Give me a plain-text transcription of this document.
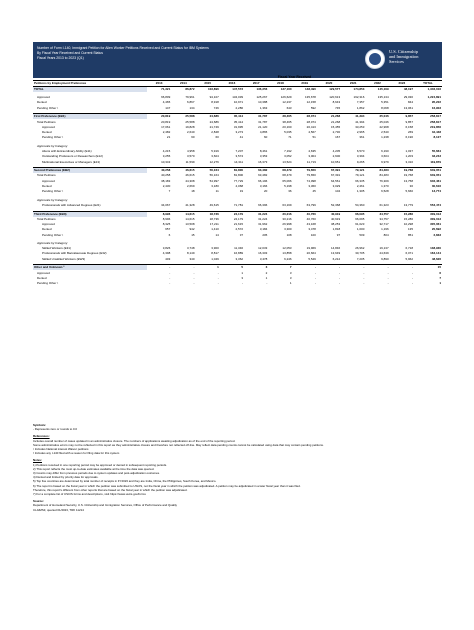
Number of Form I-140, Immigrant Petition for Alien Worker Petitions Received and Current Status for IBM Systems
By Fiscal Year Received and Current Status
Fiscal Years 2013 to 2023 (Q1)
U.S. Citizenship
and Immigration
Services
Fiscal Year Received
Petitions by Employment Preference	2013	2014	2015	2016	2017	2018	2019	2020	2021	2022	2023	TOTAL
TOTAL	71,321	86,872	103,896	147,573	136,356	137,160	148,490	129,577	174,853	145,169	48,197	1,346,016

Approved	66,809	79,961	94,107	134,039	125,267	126,629	135,678	120,613	162,316	135,134	29,030	1,224,891
Denied	4,465	6,867	8,918	10,971	10,388	12,237	12,158	8,643	7,357	5,351	844	95,222
Pending Other ¹	147	134	746	2,286	1,363	643	592	745	1,862	8,068	13,061	16,903

First Preference (EB1)	20,819	25,588	24,686	35,414	31,787	38,465	28,074	21,268	41,394	25,046	9,857	258,817
Total Petitions	20,819	25,588	24,686	35,414	31,787	38,465	28,074	21,268	41,394	25,046	9,857	258,817
Approved	17,061	19,828	21,749	31,995	21,120	20,160	20,413	15,455	33,253	22,968	6,158	219,856
Denied	2,482	2,640	2,848	3,273	4,865	5,035	4,567	2,730	2,965	2,540	269	34,448
Pending Other ¹	21	60	60	41	60	71	51	167	361	1,238	6,190	8,127

Approvals by Category												
Aliens with Extraordinary Ability (E11)	4,215	4,958	5,919	7,207	8,461	7,192	4,635	4,205	6,570	6,190	1,037	55,664
Outstanding Professors or Researchers (E12)	3,255	3,570	3,604	3,574	3,353	3,052	3,004	2,600	3,394	3,604	1,203	33,243
Multinational Executives or Managers (E13)	10,343	11,599	12,276	14,311	16,373	13,524	11,719	10,651	9,265	9,979	3,310	119,879

Second Preference (EB2)	40,258	46,615	56,164	81,800	63,482	68,479	79,650	67,391	79,121	84,483	19,768	649,051
Total Petitions	40,258	46,615	56,164	81,800	63,482	68,479	79,650	67,391	79,121	84,483	19,768	649,051
Approved	38,183	44,308	54,997	77,729	66,196	65,066	74,098	64,561	66,335	76,309	13,758	646,461
Denied	2,430	2,669	3,180	4,068	3,166	5,198	3,360	3,029	2,461	1,370	30	30,616
Pending Other ¹	7	18	11	19	20	36	45	104	1,305	6,528	5,660	13,774

Approvals by Category												
Professionals with Advanced Degrees (E21)	34,067	41,328	49,615	71,781	66,396	63,169	63,799	52,368	54,360	61,323	13,779	553,474

Third Preference (EB3)	8,996	14,615	18,736	24,179	31,224	30,216	40,760	40,919	66,095	34,757	15,286	309,013
Total Petitions	8,996	14,615	18,736	24,179	31,224	30,216	40,760	40,919	66,095	34,757	15,286	309,013
Approved	8,325	13,508	17,211	21,615	31,962	26,998	43,168	38,253	61,023	32,717	10,298	305,061
Denied	657	942	1,410	2,572	3,184	3,300	3,478	1,818	1,000	1,196	135	20,692
Pending Other ¹	6	15	14	37	205	108	100	97	509	804	851	2,833

Approvals by Category												
Skilled Workers (E31)	3,826	3,748	3,900	11,346	12,033	12,053	19,969	14,846	26,962	19,137	6,718	138,930
Professionals with Baccalaureate Degrees (E32)	4,398	8,149	8,817	16,889	16,303	13,858	20,664	13,649	30,705	24,639	6,071	163,144
Skilled Unskilled Workers (EW3)	403	340	1,049	3,362	3,478	6,246	5,549	6,212	7,205	9,890	5,962	48,626

Other and Unknown ²	-	-	1	5	3	7	-	-	-	-	-	15
Approved	-	-	-	1	2	3	-	-	-	-	-	6
Denied	-	-	-	3	1	3	-	-	-	-	-	7
Pending Other ¹	-	-	-	-	-	1	-	-	-	-	-	1

Symbols:

- Represents zero or rounds to 0.0

References:

Includes overall number of cases updated in an administrative closure. The numbers of applications awaiting adjudication as of the end of the reporting period.

Some administrative errors may not be reflected in this report as they administrative closure and therefore not reflected off-line. May reflect data pending counts cannot be calculated using data that may contain pending petitions.

¹ Includes National interest Waiver petitions

² Includes any I-140 filed with a reason for filing data for this system

Notes:

1) Petitions received in one reporting period may be approved or denied in subsequent reporting periods.

2) This report reflects the most up-to-date estimates available at the time the data was queried.

3) Counts may differ from previous periods due to system updates and post-adjudication outcomes.

4) Denied and limited by priority date for approvals.

5) Top five countries are determined by total number of receipts in FY2023 and they are India, China, the Philippines, South Korea, and Mexico.

6) The report is based on the fiscal year in which the petition was submitted to USCIS, not the fiscal year in which the petition was adjudicated. A petition may be adjudicated in a later fiscal year than it was filed.

Therefore, this report's different from other reports that are based on the fiscal year in which the petition was adjudicated.

7) For a complete list of USCIS forms and descriptions, visit https://www.uscis.gov/forms

Source:

Department of Homeland Security, U.S. Citizenship and Immigration Services, Office of Performance and Quality

CLAIMS3, queried 01/2023, TRK 11214
